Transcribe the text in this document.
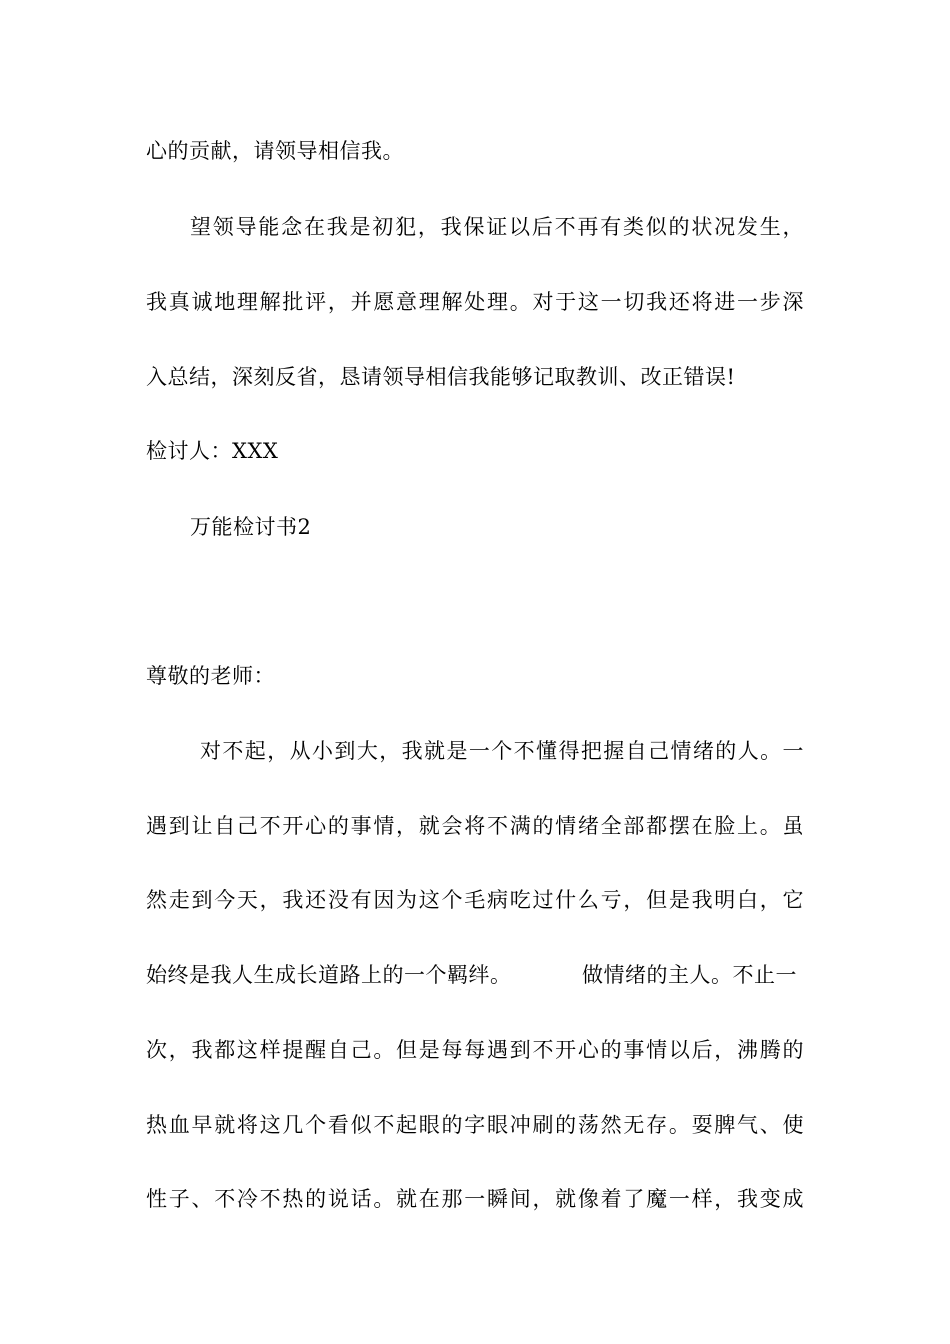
心的贡献，请领导相信我。
望领导能念在我是初犯，我保证以后不再有类似的状况发生，
我真诚地理解批评，并愿意理解处理。对于这一切我还将进一步深
入总结，深刻反省，恳请领导相信我能够记取教训、改正错误!
检讨人：XXX
万能检讨书2
尊敬的老师：
对不起，从小到大，我就是一个不懂得把握自己情绪的人。一
遇到让自己不开心的事情，就会将不满的情绪全部都摆在脸上。虽
然走到今天，我还没有因为这个毛病吃过什么亏，但是我明白，它
始终是我人生成长道路上的一个羁绊。	做情绪的主人。不止一
次，我都这样提醒自己。但是每每遇到不开心的事情以后，沸腾的
热血早就将这几个看似不起眼的字眼冲刷的荡然无存。耍脾气、使
性子、不冷不热的说话。就在那一瞬间，就像着了魔一样，我变成
